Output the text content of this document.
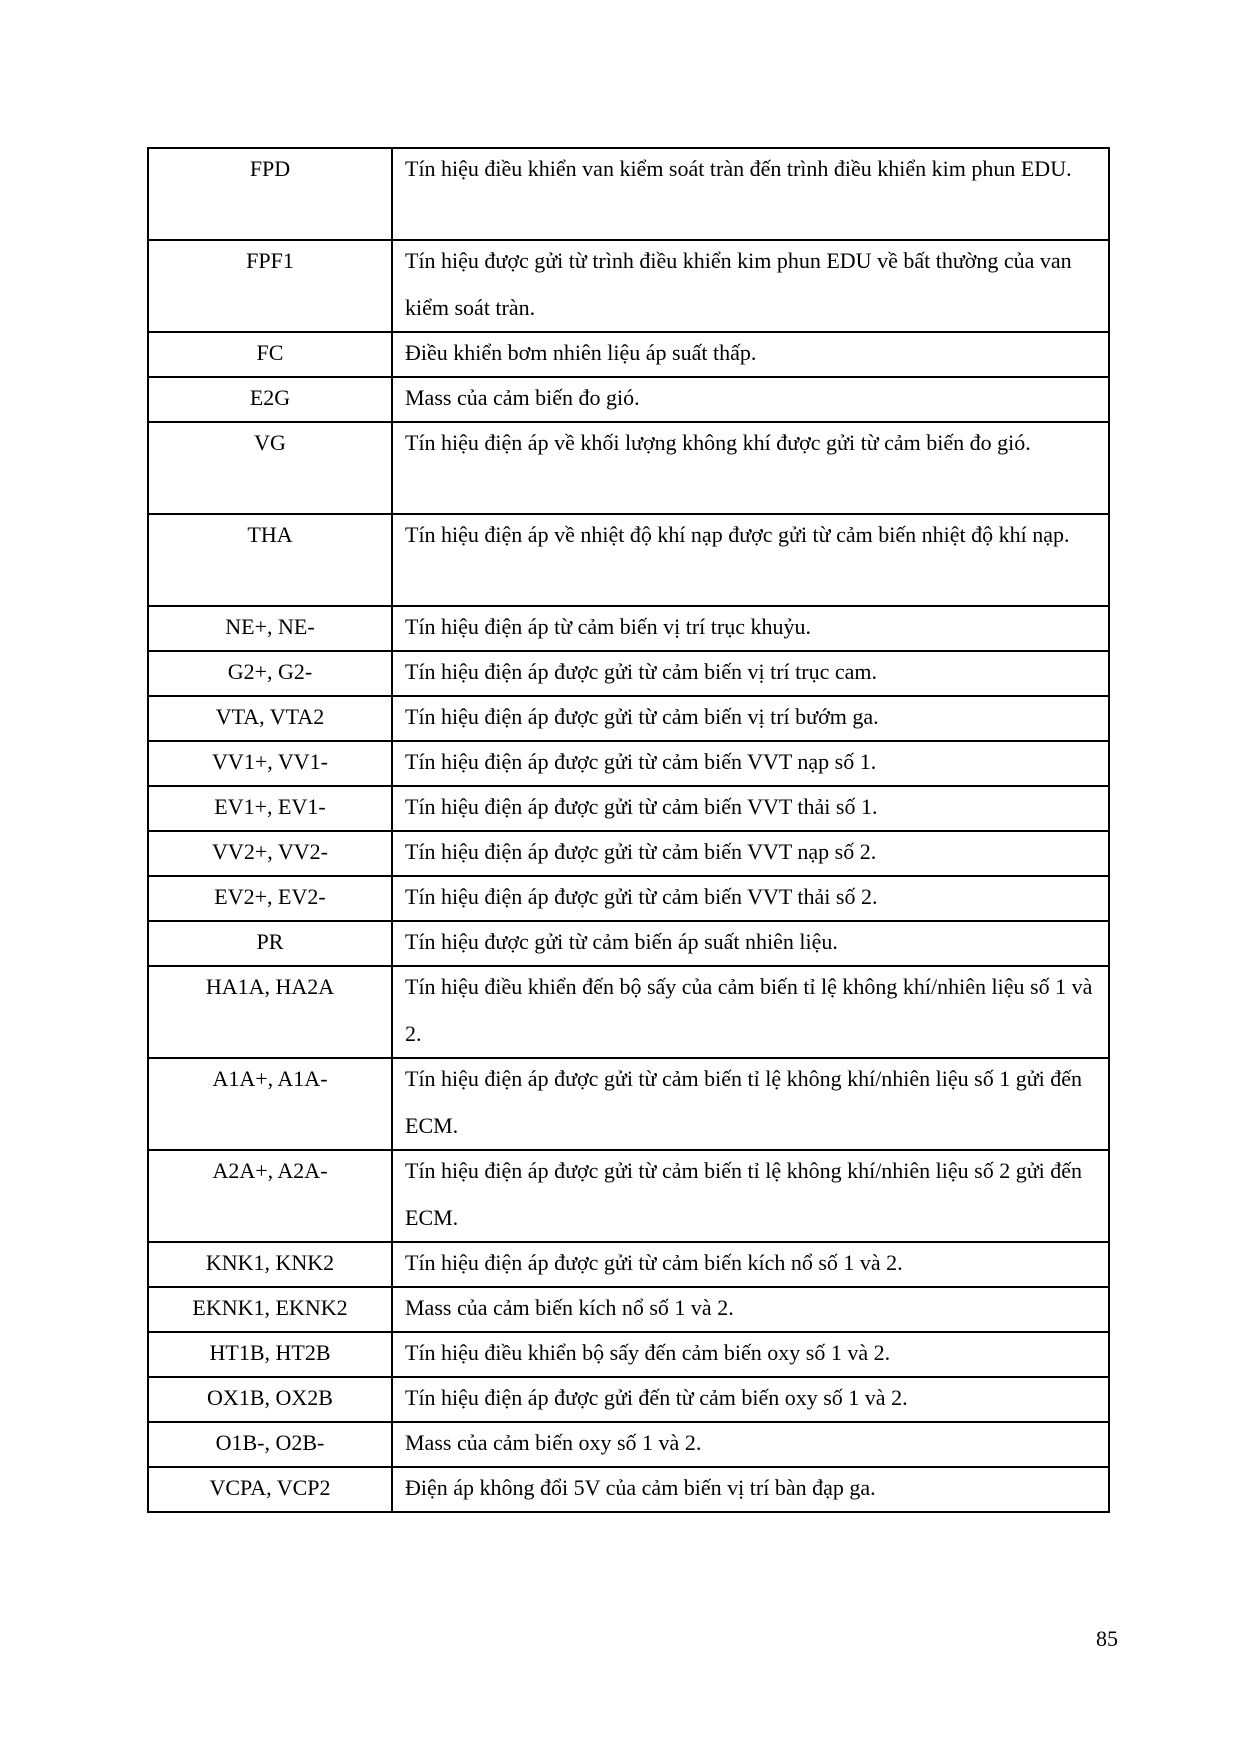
FPD	Tín hiệu điều khiển van kiểm soát tràn đến trình điều khiển kim phun EDU.

FPF1	Tín hiệu được gửi từ trình điều khiển kim phun EDU về bất thường của van kiểm soát tràn.

FC	Điều khiển bơm nhiên liệu áp suất thấp.

E2G	Mass của cảm biến đo gió.

VG	Tín hiệu điện áp về khối lượng không khí được gửi từ cảm biến đo gió.

THA	Tín hiệu điện áp về nhiệt độ khí nạp được gửi từ cảm biến nhiệt độ khí nạp.

NE+, NE-	Tín hiệu điện áp từ cảm biến vị trí trục khuỷu.

G2+, G2-	Tín hiệu điện áp được gửi từ cảm biến vị trí trục cam.

VTA, VTA2	Tín hiệu điện áp được gửi từ cảm biến vị trí bướm ga.

VV1+, VV1-	Tín hiệu điện áp được gửi từ cảm biến VVT nạp số 1.

EV1+, EV1-	Tín hiệu điện áp được gửi từ cảm biến VVT thải số 1.

VV2+, VV2-	Tín hiệu điện áp được gửi từ cảm biến VVT nạp số 2.

EV2+, EV2-	Tín hiệu điện áp được gửi từ cảm biến VVT thải số 2.

PR	Tín hiệu được gửi từ cảm biến áp suất nhiên liệu.

HA1A, HA2A	Tín hiệu điều khiển đến bộ sấy của cảm biến tỉ lệ không khí/nhiên liệu số 1 và 2.

A1A+, A1A-	Tín hiệu điện áp được gửi từ cảm biến tỉ lệ không khí/nhiên liệu số 1 gửi đến ECM.

A2A+, A2A-	Tín hiệu điện áp được gửi từ cảm biến tỉ lệ không khí/nhiên liệu số 2 gửi đến ECM.

KNK1, KNK2	Tín hiệu điện áp được gửi từ cảm biến kích nổ số 1 và 2.

EKNK1, EKNK2	Mass của cảm biến kích nổ số 1 và 2.

HT1B, HT2B	Tín hiệu điều khiển bộ sấy đến cảm biến oxy số 1 và 2.

OX1B, OX2B	Tín hiệu điện áp được gửi đến từ cảm biến oxy số 1 và 2.

O1B-, O2B-	Mass của cảm biến oxy số 1 và 2.

VCPA, VCP2	Điện áp không đổi 5V của cảm biến vị trí bàn đạp ga.
85
